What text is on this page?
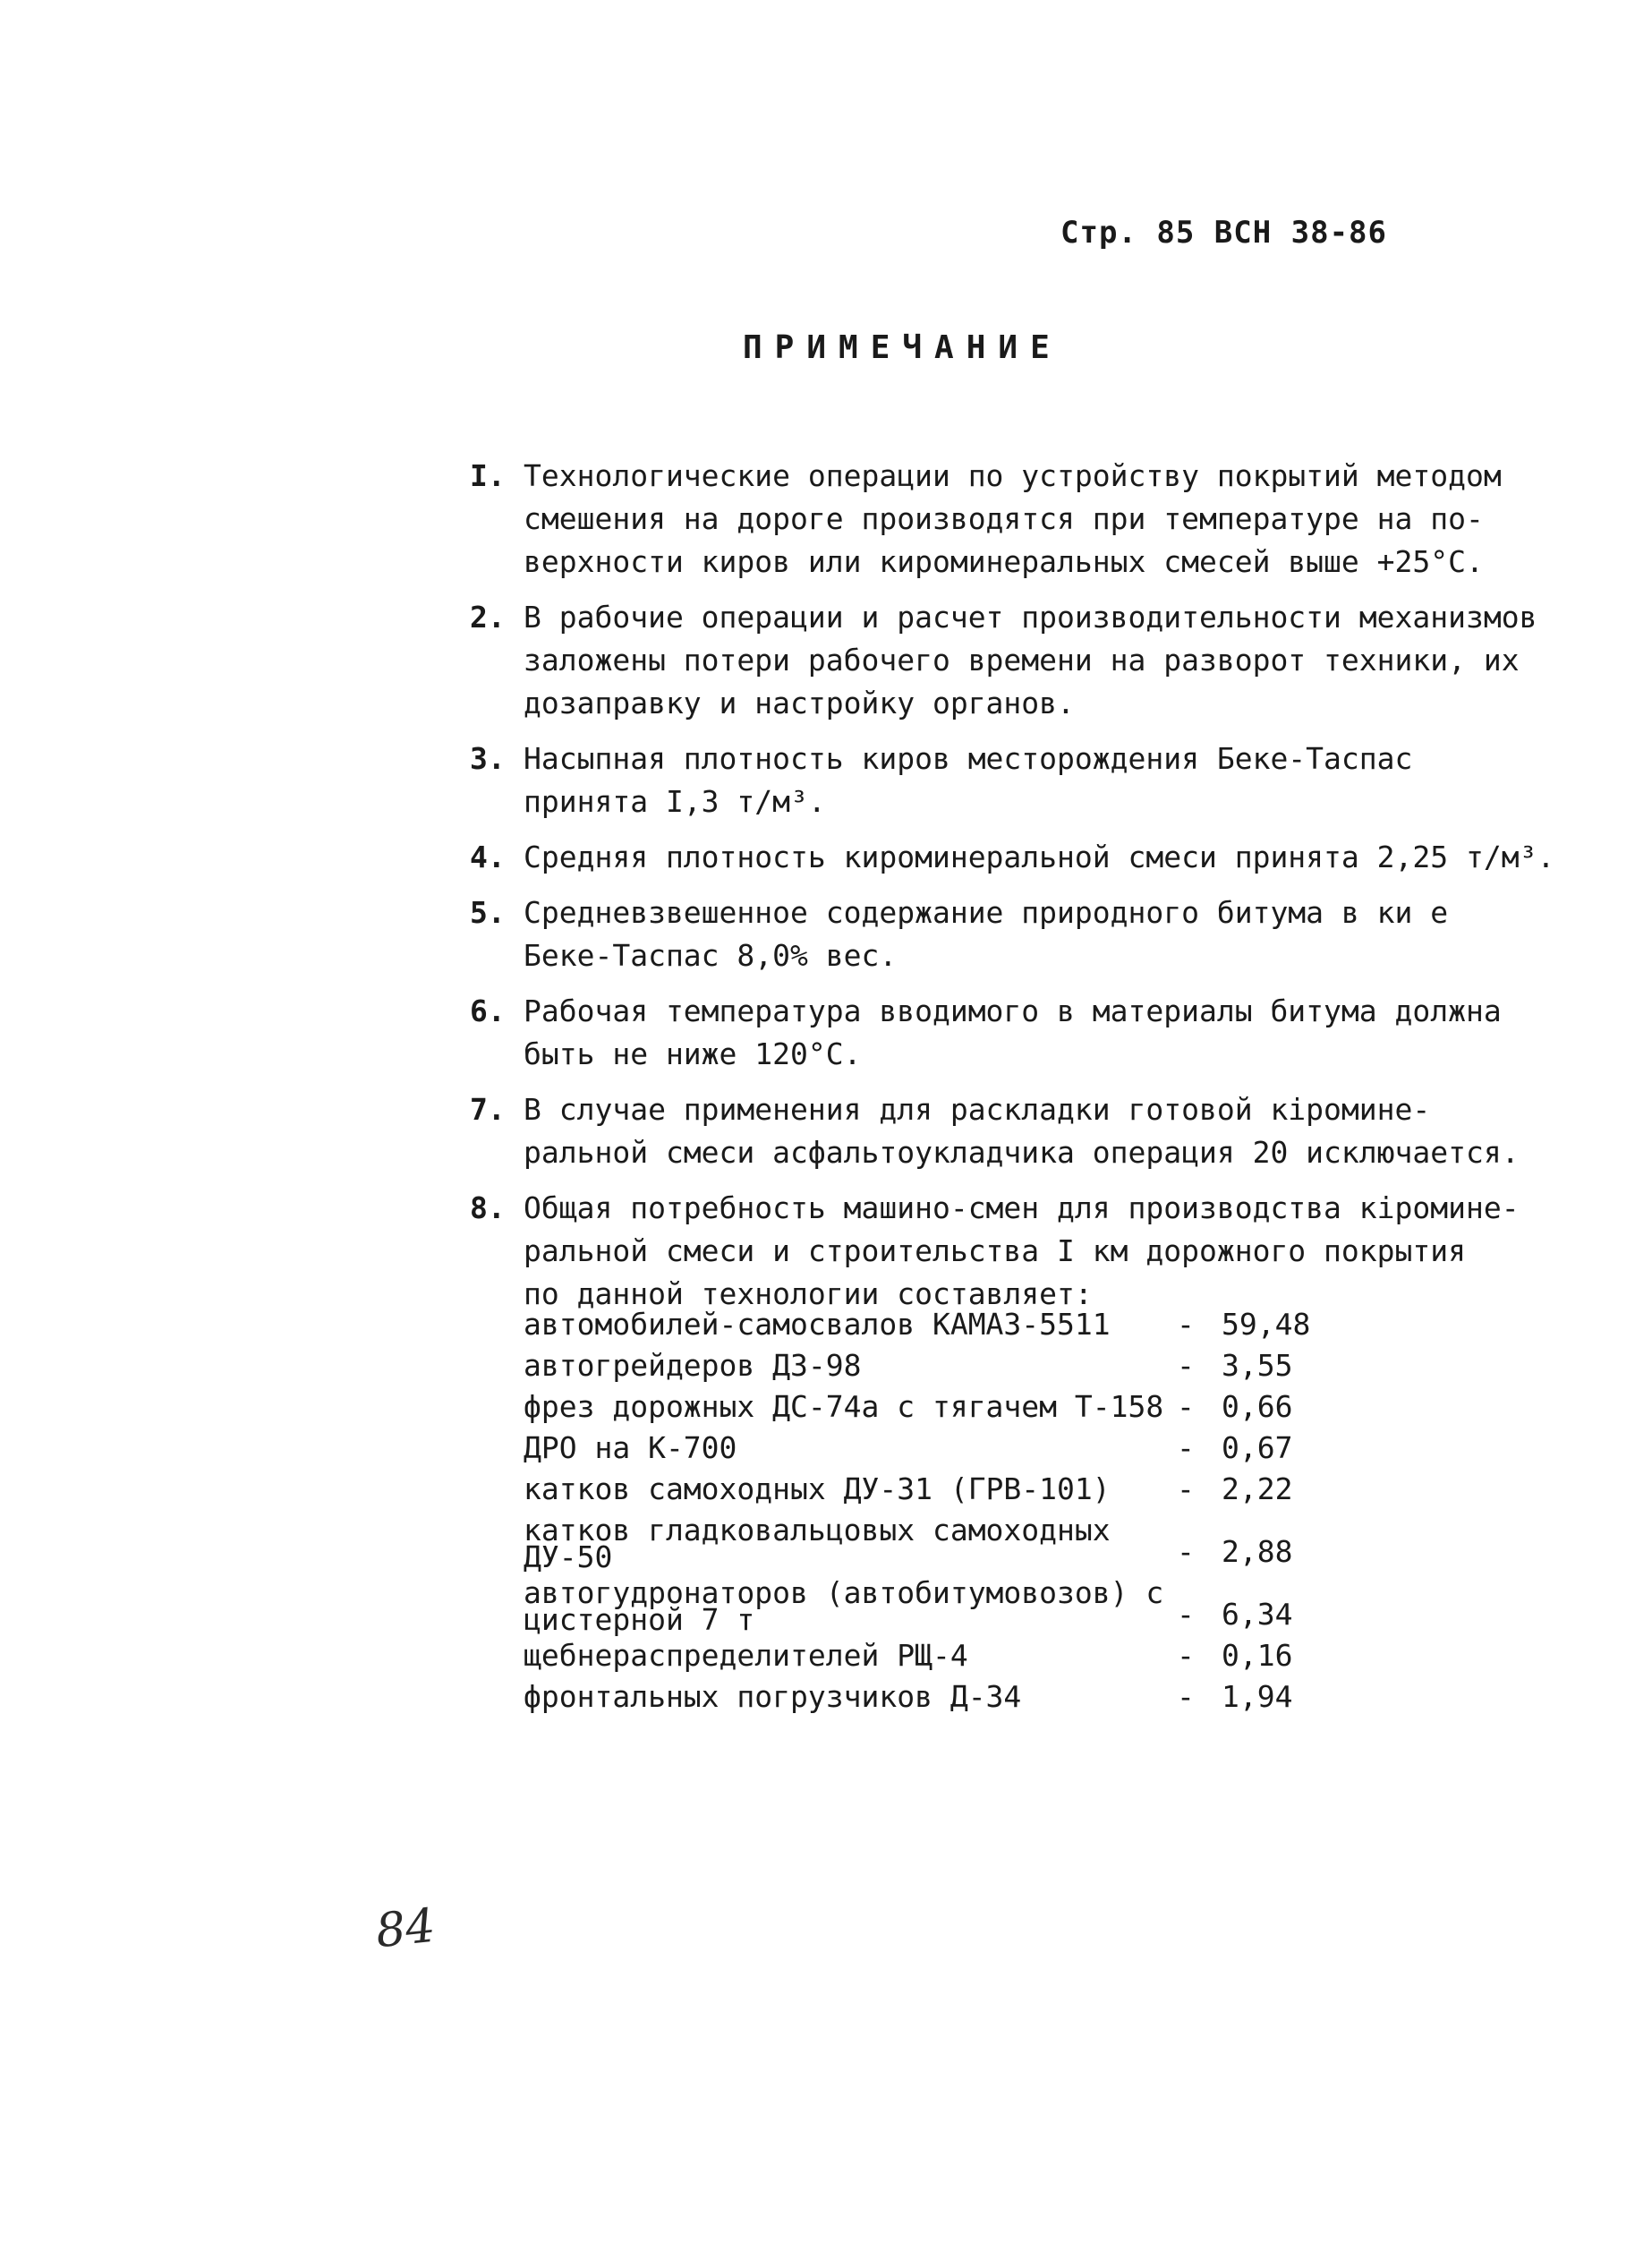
Стр. 85 ВСН 38-86
ПРИМЕЧАНИЕ
I. Технологические операции по устройству покрытий методом
смешения на дороге производятся при температуре на по-
верхности киров или кироминеральных смесей выше +25°С.
2. В рабочие операции и расчет производительности механизмов
заложены потери рабочего времени на разворот техники, их
дозаправку и настройку органов.
3. Насыпная плотность киров месторождения Беке-Таспас
принята I,3 т/м³.
4. Средняя плотность кироминеральной смеси принята 2,25 т/м³.
5. Средневзвешенное содержание природного битума в ки е
Беке-Таспас 8,0% вес.
6. Рабочая температура вводимого в материалы битума должна
быть не ниже 120°С.
7. В случае применения для раскладки готовой кiромине-
ральной смеси асфальтоукладчика операция 20 исключается.
8. Общая потребность машино-смен для производства кiромине-
ральной смеси и строительства I км дорожного покрытия
по данной технологии составляет:
автомобилей-самосвалов КАМАЗ-5511	- 59,48
автогрейдеров ДЗ-98	- 3,55
фрез дорожных ДС-74а с тягачем Т-158 - 0,66
ДРО на К-700	- 0,67
катков самоходных ДУ-31 (ГРВ-101)	- 2,22
катков гладковальцовых самоходных
ДУ-50	- 2,88
автогудронаторов (автобитумовозов) с
цистерной 7 т	- 6,34
щебнераспределителей РЩ-4	- 0,16
фронтальных погрузчиков Д-34	- 1,94
84
